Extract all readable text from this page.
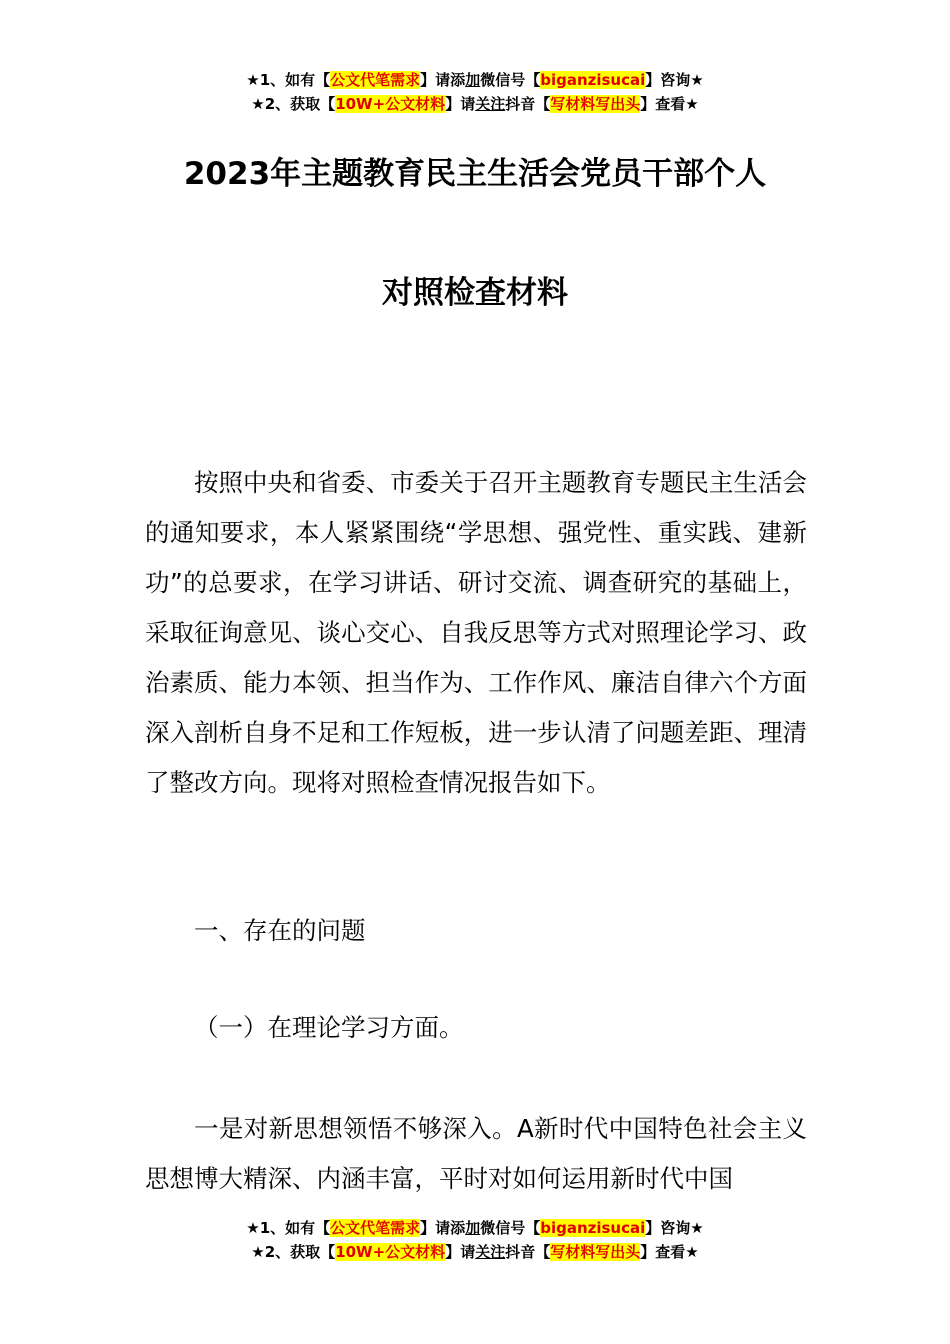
★1、如有【公文代笔需求】请添加微信号【biganzisucai】咨询★
★2、获取【10W+公文材料】请关注抖音【写材料写出头】查看★
2023年主题教育民主生活会党员干部个人
对照检查材料

按照中央和省委、市委关于召开主题教育专题民主生活会的通知要求，本人紧紧围绕“学思想、强党性、重实践、建新功”的总要求，在学习讲话、研讨交流、调查研究的基础上，采取征询意见、谈心交心、自我反思等方式对照理论学习、政治素质、能力本领、担当作为、工作作风、廉洁自律六个方面深入剖析自身不足和工作短板，进一步认清了问题差距、理清了整改方向。现将对照检查情况报告如下。

一、存在的问题

（一）在理论学习方面。

一是对新思想领悟不够深入。A新时代中国特色社会主义思想博大精深、内涵丰富，平时对如何运用新时代中国

★1、如有【公文代笔需求】请添加微信号【biganzisucai】咨询★
★2、获取【10W+公文材料】请关注抖音【写材料写出头】查看★
